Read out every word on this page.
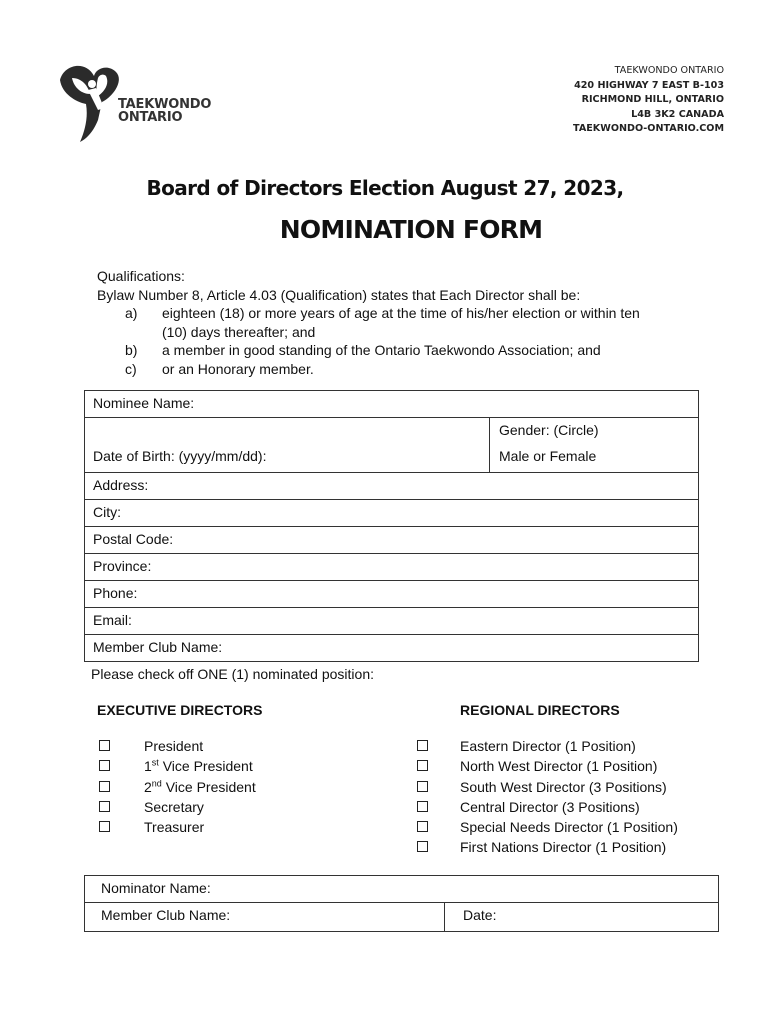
TAEKWONDO
ONTARIO
TAEKWONDO ONTARIO
420 HIGHWAY 7 EAST B-103
RICHMOND HILL, ONTARIO
L4B 3K2 CANADA
TAEKWONDO-ONTARIO.COM
Board of Directors Election August 27, 2023,
NOMINATION FORM
Qualifications:
Bylaw Number 8, Article 4.03 (Qualification) states that Each Director shall be:
a) eighteen (18) or more years of age at the time of his/her election or within ten
(10) days thereafter; and
b) a member in good standing of the Ontario Taekwondo Association; and
c) or an Honorary member.
Nominee Name:
Date of Birth: (yyyy/mm/dd):
Gender: (Circle)
Male or Female
Address:
City:
Postal Code:
Province:
Phone:
Email:
Member Club Name:
Please check off ONE (1) nominated position:
EXECUTIVE DIRECTORS	REGIONAL DIRECTORS
President
1st Vice President
2nd Vice President
Secretary
Treasurer
Eastern Director (1 Position)
North West Director (1 Position)
South West Director (3 Positions)
Central Director (3 Positions)
Special Needs Director (1 Position)
First Nations Director (1 Position)
Nominator Name:
Member Club Name:	Date:
